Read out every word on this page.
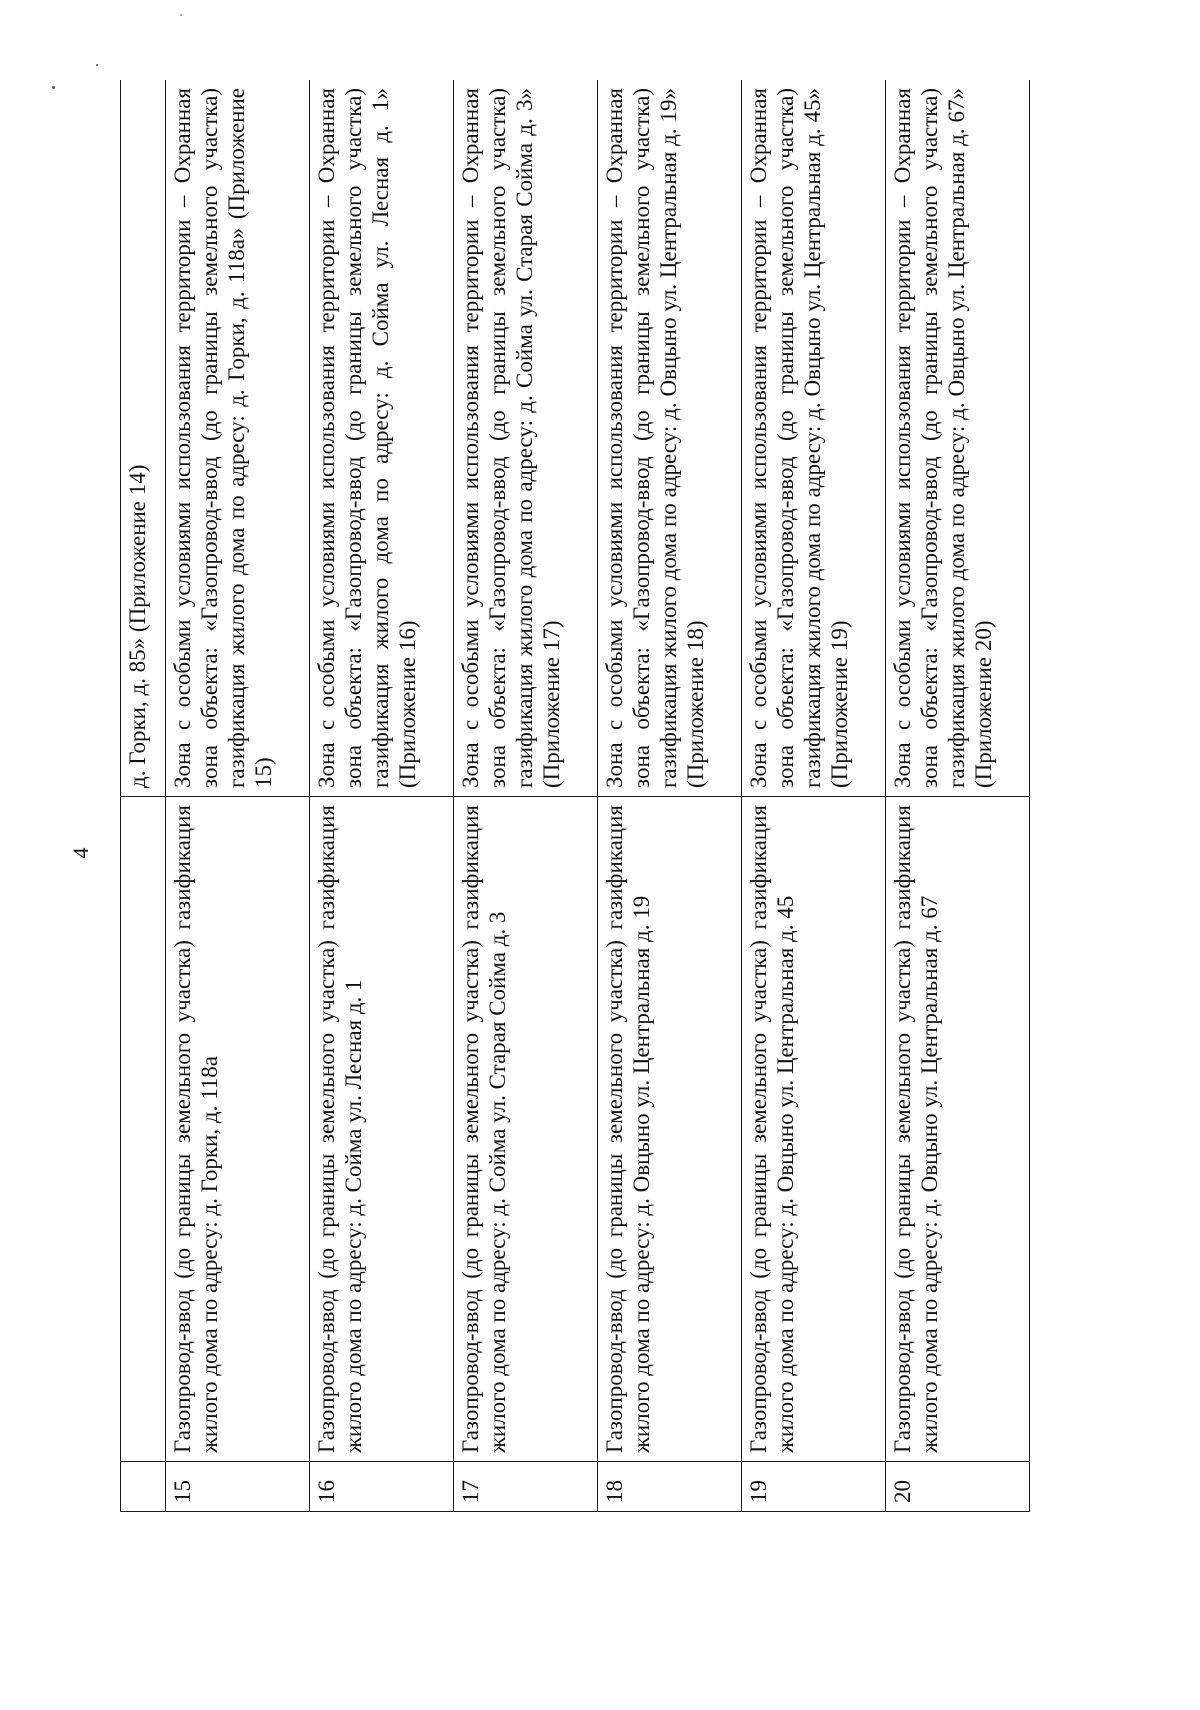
4
		д. Горки, д. 85» (Приложение 14)
15	Газопровод-ввод (до границы земельного участка) газификация жилого дома по адресу: д. Горки, д. 118а	Зона с особыми условиями использования территории – Охранная зона объекта: «Газопровод-ввод (до границы земельного участка) газификация жилого дома по адресу: д. Горки, д. 118а» (Приложение 15)
16	Газопровод-ввод (до границы земельного участка) газификация жилого дома по адресу: д. Сойма ул. Лесная д. 1	Зона с особыми условиями использования территории – Охранная зона объекта: «Газопровод-ввод (до границы земельного участка) газификация жилого дома по адресу: д. Сойма ул. Лесная д. 1» (Приложение 16)
17	Газопровод-ввод (до границы земельного участка) газификация жилого дома по адресу: д. Сойма ул. Старая Сойма д. 3	Зона с особыми условиями использования территории – Охранная зона объекта: «Газопровод-ввод (до границы земельного участка) газификация жилого дома по адресу: д. Сойма ул. Старая Сойма д. 3» (Приложение 17)
18	Газопровод-ввод (до границы земельного участка) газификация жилого дома по адресу: д. Овцыно ул. Центральная д. 19	Зона с особыми условиями использования территории – Охранная зона объекта: «Газопровод-ввод (до границы земельного участка) газификация жилого дома по адресу: д. Овцыно ул. Центральная д. 19» (Приложение 18)
19	Газопровод-ввод (до границы земельного участка) газификация жилого дома по адресу: д. Овцыно ул. Центральная д. 45	Зона с особыми условиями использования территории – Охранная зона объекта: «Газопровод-ввод (до границы земельного участка) газификация жилого дома по адресу: д. Овцыно ул. Центральная д. 45» (Приложение 19)
20	Газопровод-ввод (до границы земельного участка) газификация жилого дома по адресу: д. Овцыно ул. Центральная д. 67	Зона с особыми условиями использования территории – Охранная зона объекта: «Газопровод-ввод (до границы земельного участка) газификация жилого дома по адресу: д. Овцыно ул. Центральная д. 67» (Приложение 20)
